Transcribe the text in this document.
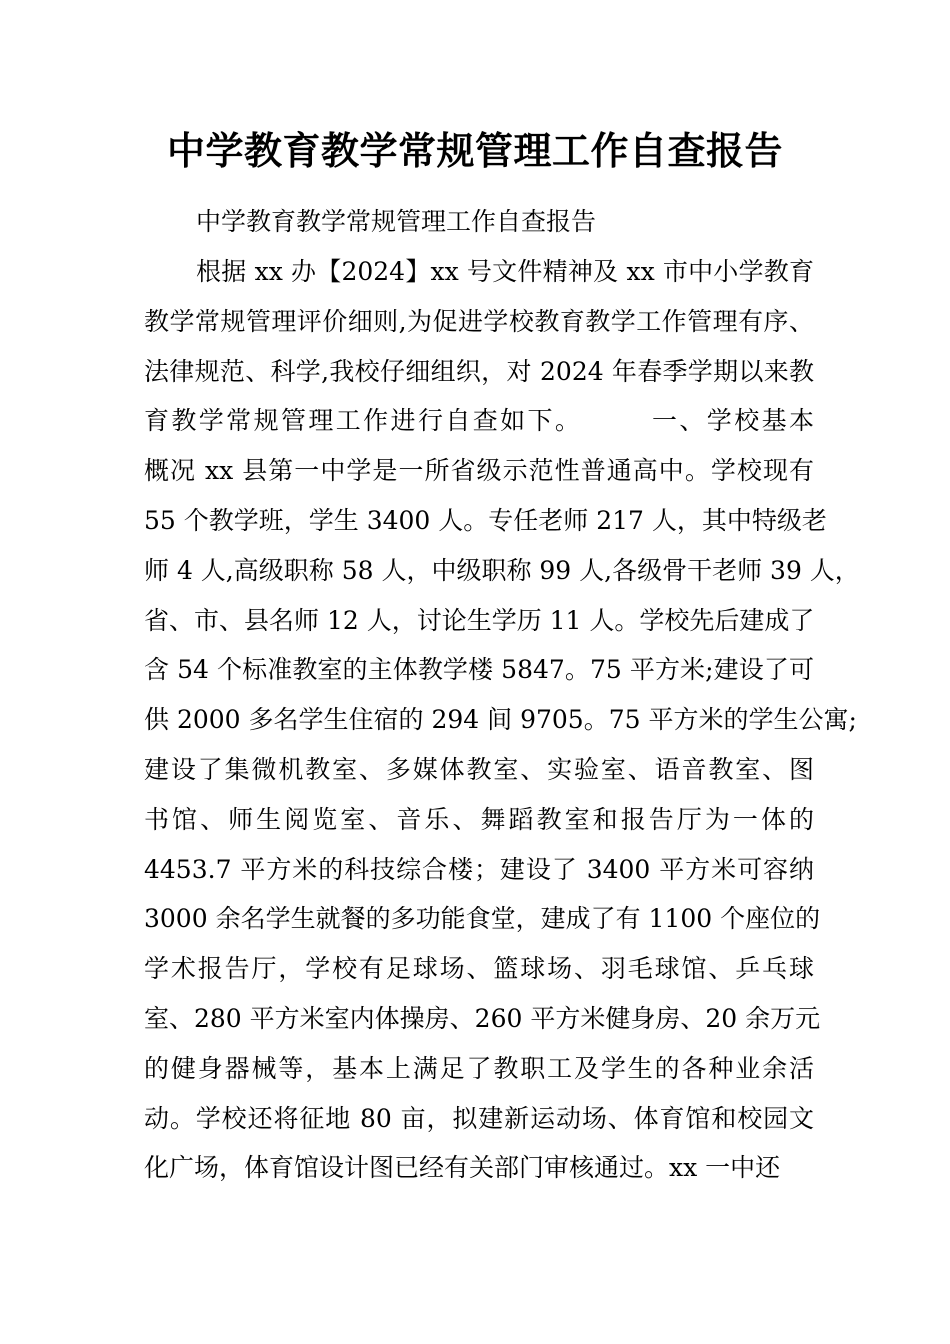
中学教育教学常规管理工作自查报告
中学教育教学常规管理工作自查报告
根据 xx 办【2024】xx 号文件精神及 xx 市中小学教育
教学常规管理评价细则,为促进学校教育教学工作管理有序、
法律规范、科学,我校仔细组织，对 2024 年春季学期以来教
育教学常规管理工作进行自查如下。　　　一、学校基本
概况 xx 县第一中学是一所省级示范性普通高中。学校现有
55 个教学班，学生 3400 人。专任老师 217 人，其中特级老
师 4 人,高级职称 58 人，中级职称 99 人,各级骨干老师 39 人，
省、市、县名师 12 人，讨论生学历 11 人。学校先后建成了
含 54 个标准教室的主体教学楼 5847。75 平方米;建设了可
供 2000 多名学生住宿的 294 间 9705。75 平方米的学生公寓;
建设了集微机教室、多媒体教室、实验室、语音教室、图
书馆、师生阅览室、音乐、舞蹈教室和报告厅为一体的
4453.7 平方米的科技综合楼；建设了 3400 平方米可容纳
3000 余名学生就餐的多功能食堂，建成了有 1100 个座位的
学术报告厅，学校有足球场、篮球场、羽毛球馆、乒乓球
室、280 平方米室内体操房、260 平方米健身房、20 余万元
的健身器械等，基本上满足了教职工及学生的各种业余活
动。学校还将征地 80 亩，拟建新运动场、体育馆和校园文
化广场，体育馆设计图已经有关部门审核通过。xx 一中还
